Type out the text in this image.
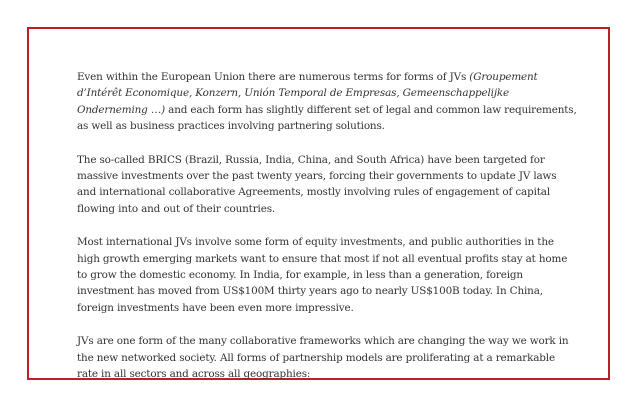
Even within the European Union there are numerous terms for forms of JVs (Groupement d’Intérêt Economique, Konzern, Unión Temporal de Empresas, Gemeenschappelijke Onderneming …) and each form has slightly different set of legal and common law requirements, as well as business practices involving partnering solutions.

The so-called BRICS (Brazil, Russia, India, China, and South Africa) have been targeted for massive investments over the past twenty years, forcing their governments to update JV laws and international collaborative Agreements, mostly involving rules of engagement of capital flowing into and out of their countries.

Most international JVs involve some form of equity investments, and public authorities in the high growth emerging markets want to ensure that most if not all eventual profits stay at home to grow the domestic economy. In India, for example, in less than a generation, foreign investment has moved from US$100M thirty years ago to nearly US$100B today. In China, foreign investments have been even more impressive.

JVs are one form of the many collaborative frameworks which are changing the way we work in the new networked society. All forms of partnership models are proliferating at a remarkable rate in all sectors and across all geographies:
